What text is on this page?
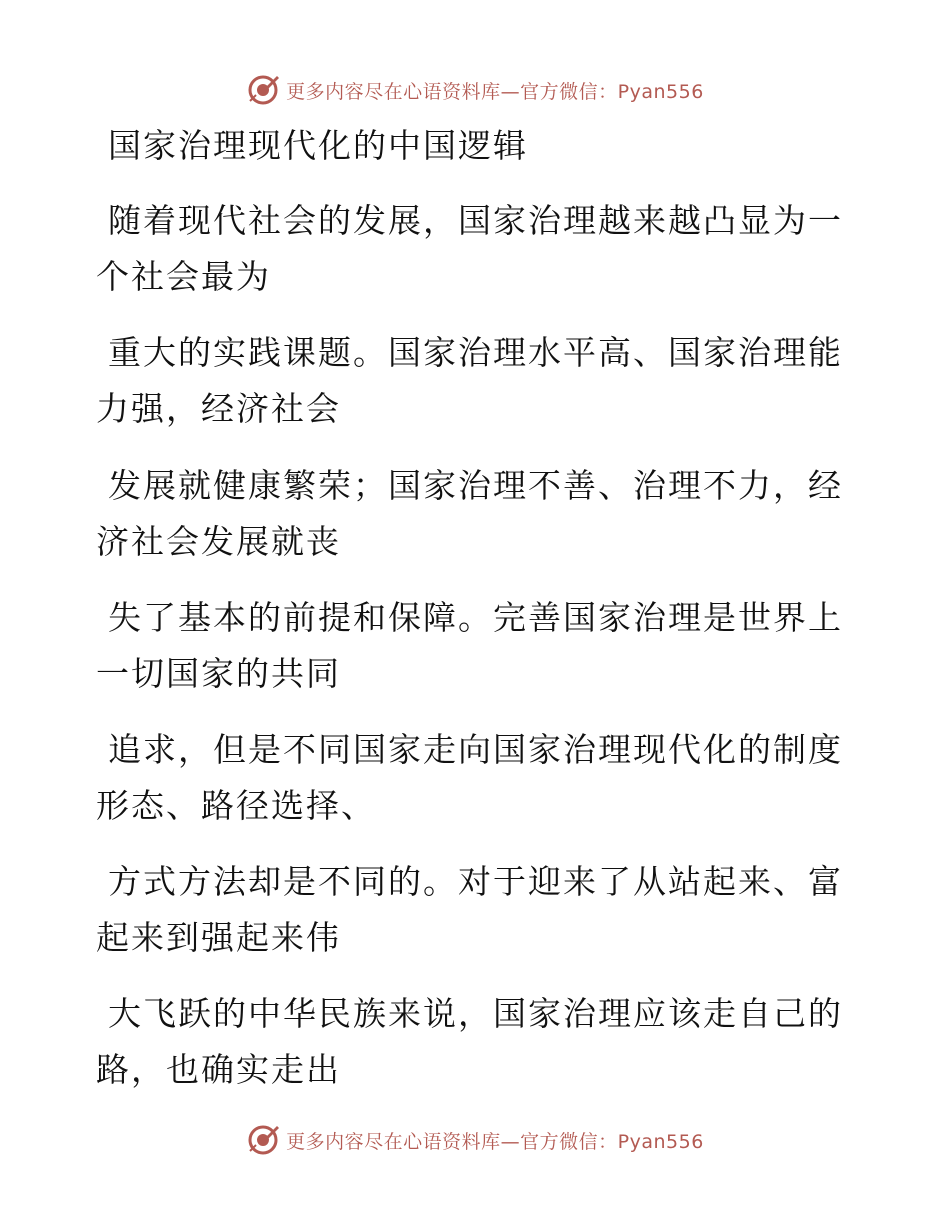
更多内容尽在心语资料库—官方微信：Pyan556
国家治理现代化的中国逻辑
随着现代社会的发展，国家治理越来越凸显为一
个社会最为
重大的实践课题。国家治理水平高、国家治理能
力强，经济社会
发展就健康繁荣；国家治理不善、治理不力，经
济社会发展就丧
失了基本的前提和保障。完善国家治理是世界上
一切国家的共同
追求，但是不同国家走向国家治理现代化的制度
形态、路径选择、
方式方法却是不同的。对于迎来了从站起来、富
起来到强起来伟
大飞跃的中华民族来说，国家治理应该走自己的
路，也确实走出
更多内容尽在心语资料库—官方微信：Pyan556
